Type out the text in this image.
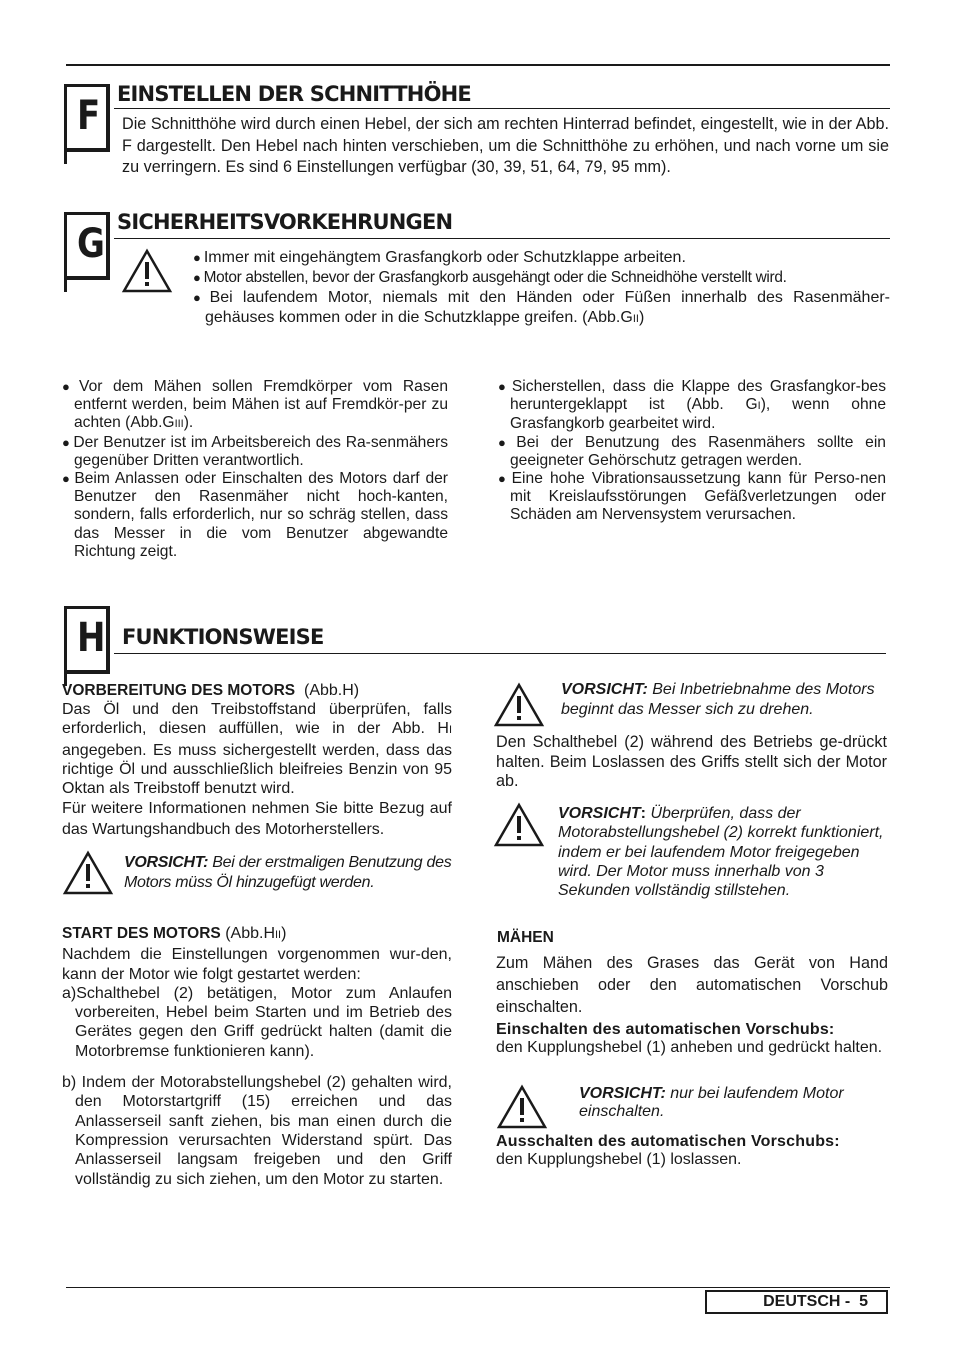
F EINSTELLEN DER SCHNITTHÖHE
Die Schnitthöhe wird durch einen Hebel, der sich am rechten Hinterrad befindet, eingestellt, wie in der Abb. F dargestellt. Den Hebel nach hinten verschieben, um die Schnitthöhe zu erhöhen, und nach vorne um sie zu verringern. Es sind 6 Einstellungen verfügbar (30, 39, 51, 64, 79, 95 mm).
G SICHERHEITSVORKEHRUNGEN
● Immer mit eingehängtem Grasfangkorb oder Schutzklappe arbeiten.
● Motor abstellen, bevor der Grasfangkorb ausgehängt oder die Schneidhöhe verstellt wird.
● Bei laufendem Motor, niemals mit den Händen oder Füßen innerhalb des Rasenmäher-gehäuses kommen oder in die Schutzklappe greifen. (Abb.GII)
● Vor dem Mähen sollen Fremdkörper vom Rasen entfernt werden, beim Mähen ist auf Fremdkör-per zu achten (Abb.GIII).
● Der Benutzer ist im Arbeitsbereich des Ra-senmähers gegenüber Dritten verantwortlich.
● Beim Anlassen oder Einschalten des Motors darf der Benutzer den Rasenmäher nicht hoch-kanten, sondern, falls erforderlich, nur so schräg stellen, dass das Messer in die vom Benutzer abgewandte Richtung zeigt.
● Sicherstellen, dass die Klappe des Grasfangkor-bes heruntergeklappt ist (Abb. GI), wenn ohne Grasfangkorb gearbeitet wird.
● Bei der Benutzung des Rasenmähers sollte ein geeigneter Gehörschutz getragen werden.
● Eine hohe Vibrationsaussetzung kann für Perso-nen mit Kreislaufsstörungen Gefäßverletzungen oder Schäden am Nervensystem verursachen.
H FUNKTIONSWEISE
VORBEREITUNG DES MOTORS (Abb.H)
Das Öl und den Treibstoffstand überprüfen, falls erforderlich, diesen auffüllen, wie in der Abb. HI angegeben. Es muss sichergestellt werden, dass das richtige Öl und ausschließlich bleifreies Benzin von 95 Oktan als Treibstoff benutzt wird.
Für weitere Informationen nehmen Sie bitte Bezug auf das Wartungshandbuch des Motorherstellers.
VORSICHT: Bei der erstmaligen Benutzung des Motors müss Öl hinzugefügt werden.
START DES MOTORS (Abb.HII)
Nachdem die Einstellungen vorgenommen wur-den, kann der Motor wie folgt gestartet werden:
a)Schalthebel (2) betätigen, Motor zum Anlaufen vorbereiten, Hebel beim Starten und im Betrieb des Gerätes gegen den Griff gedrückt halten (damit die Motorbremse funktionieren kann).
b) Indem der Motorabstellungshebel (2) gehalten wird, den Motorstartgriff (15) erreichen und das Anlasserseil sanft ziehen, bis man einen durch die Kompression verursachten Widerstand spürt. Das Anlasserseil langsam freigeben und den Griff vollständig zu sich ziehen, um den Motor zu starten.
VORSICHT: Bei Inbetriebnahme des Motors beginnt das Messer sich zu drehen.
Den Schalthebel (2) während des Betriebs ge-drückt halten. Beim Loslassen des Griffs stellt sich der Motor ab.
VORSICHT: Überprüfen, dass der Motorabstellungshebel (2) korrekt funktioniert, indem er bei laufendem Motor freigegeben wird. Der Motor muss innerhalb von 3 Sekunden vollständig stillstehen.
MÄHEN
Zum Mähen des Grases das Gerät von Hand anschieben oder den automatischen Vorschub einschalten.
Einschalten des automatischen Vorschubs:
den Kupplungshebel (1) anheben und gedrückt halten.
VORSICHT: nur bei laufendem Motor einschalten.
Ausschalten des automatischen Vorschubs:
den Kupplungshebel (1) loslassen.
DEUTSCH - 5
